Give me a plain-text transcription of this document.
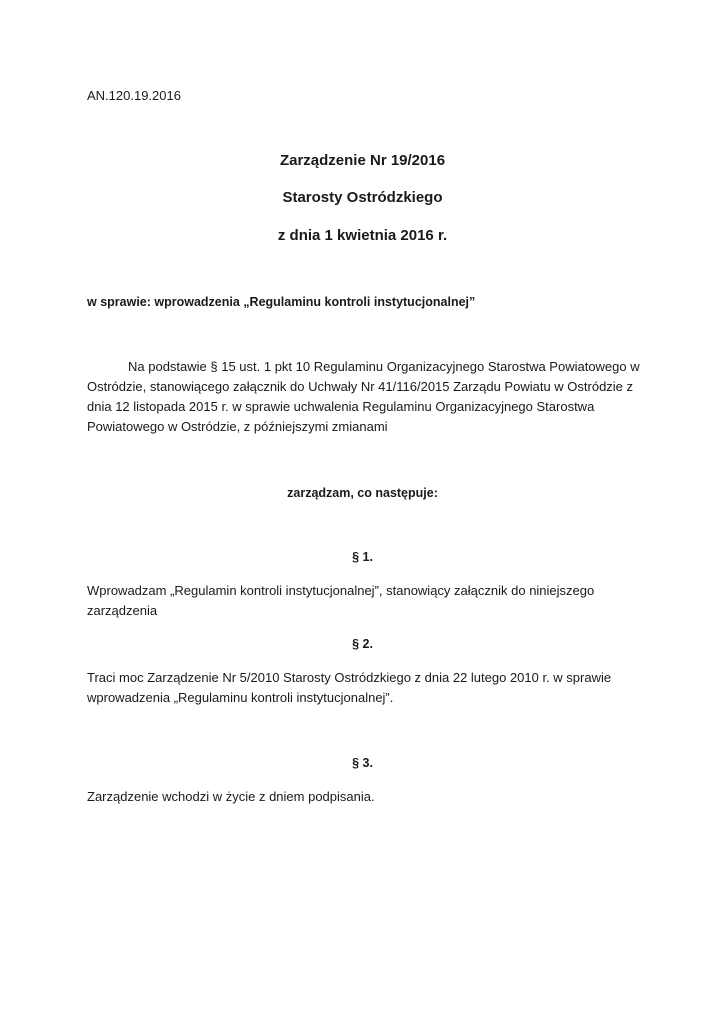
AN.120.19.2016

Zarządzenie Nr 19/2016

Starosty Ostródzkiego

z dnia 1 kwietnia 2016 r.

w sprawie: wprowadzenia „Regulaminu kontroli instytucjonalnej”

Na podstawie § 15 ust. 1 pkt 10 Regulaminu Organizacyjnego Starostwa Powiatowego w Ostródzie, stanowiącego załącznik do Uchwały Nr 41/116/2015 Zarządu Powiatu w Ostródzie z dnia 12 listopada 2015 r. w sprawie uchwalenia Regulaminu Organizacyjnego Starostwa Powiatowego w Ostródzie, z późniejszymi zmianami

zarządzam, co następuje:

§ 1.

Wprowadzam „Regulamin kontroli instytucjonalnej”, stanowiący załącznik do niniejszego zarządzenia

§ 2.

Traci moc Zarządzenie Nr 5/2010 Starosty Ostródzkiego z dnia 22 lutego 2010 r. w sprawie wprowadzenia „Regulaminu kontroli instytucjonalnej”.

§ 3.

Zarządzenie wchodzi w życie z dniem podpisania.
